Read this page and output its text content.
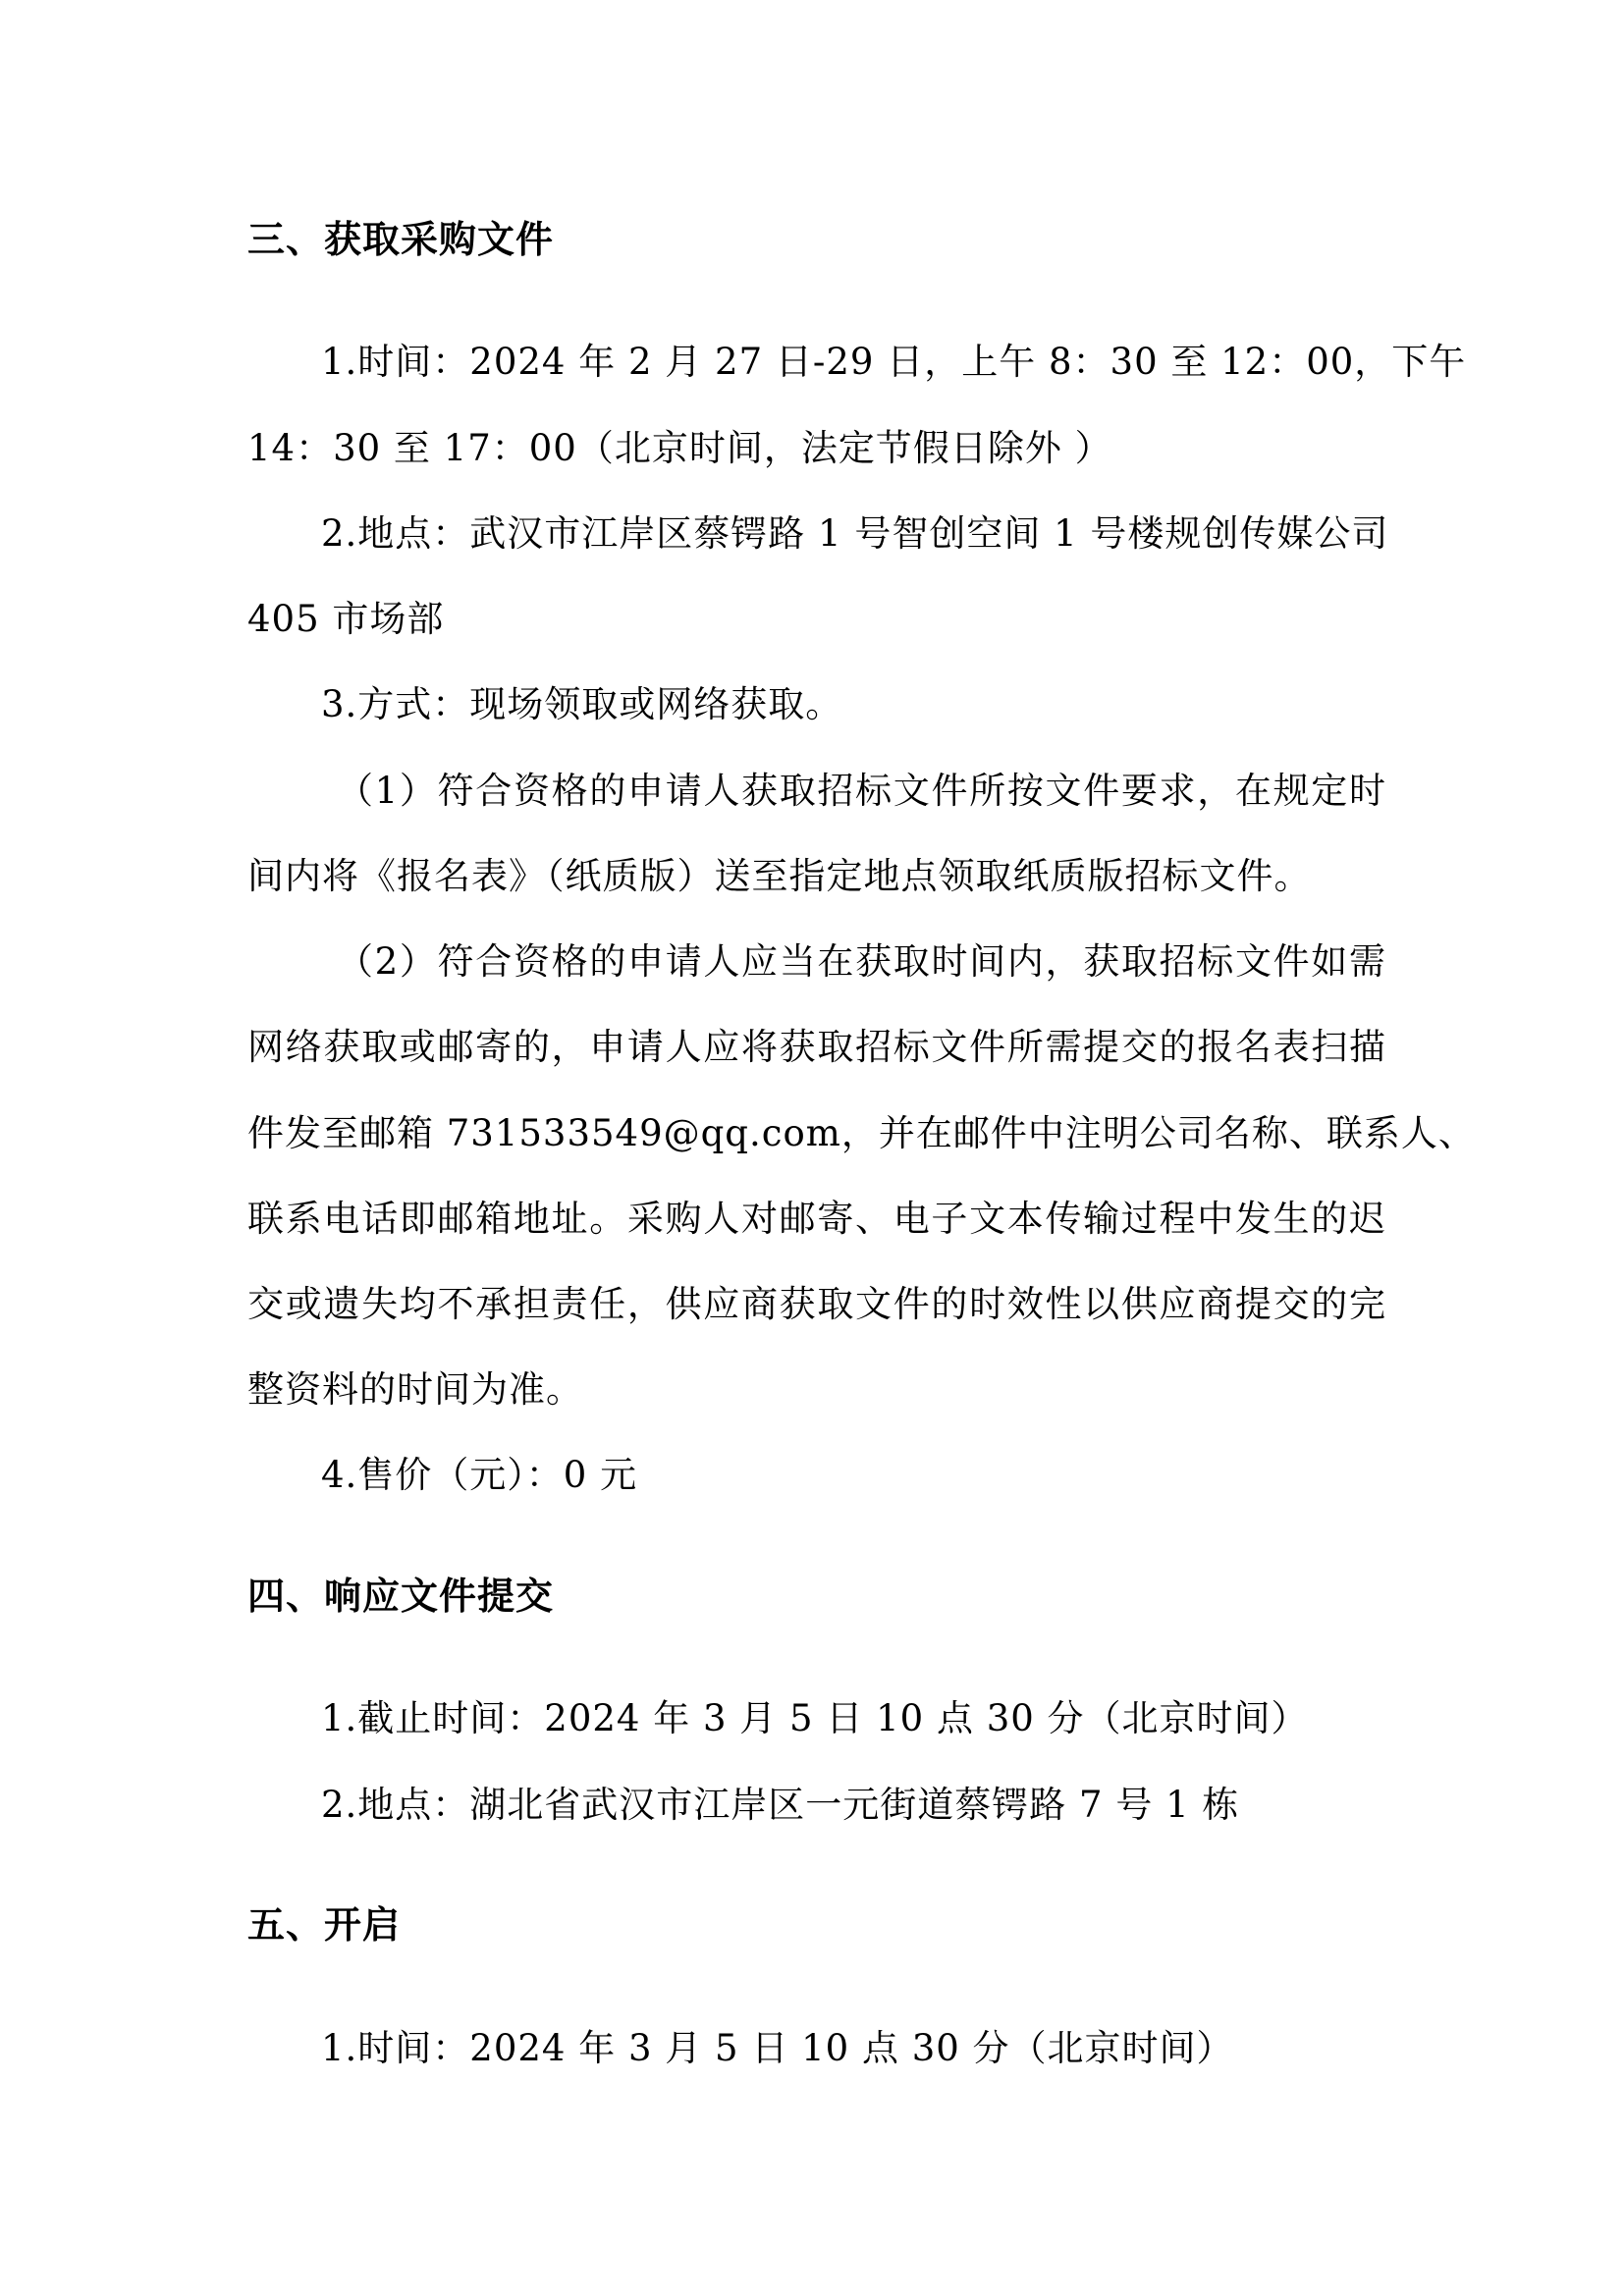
三、获取采购文件
1.时间：2024 年 2 月 27 日-29 日，上午 8：30 至 12：00，下午
14：30 至 17：00（北京时间，法定节假日除外 ）
2.地点：武汉市江岸区蔡锷路 1 号智创空间 1 号楼规创传媒公司
405 市场部
3.方式：现场领取或网络获取。
（1）符合资格的申请人获取招标文件所按文件要求，在规定时
间内将《报名表》（纸质版）送至指定地点领取纸质版招标文件。
（2）符合资格的申请人应当在获取时间内，获取招标文件如需
网络获取或邮寄的，申请人应将获取招标文件所需提交的报名表扫描
件发至邮箱 731533549@qq.com，并在邮件中注明公司名称、联系人、
联系电话即邮箱地址。采购人对邮寄、电子文本传输过程中发生的迟
交或遗失均不承担责任，供应商获取文件的时效性以供应商提交的完
整资料的时间为准。
4.售价（元）：0 元
四、响应文件提交
1.截止时间：2024 年 3 月 5 日 10 点 30 分（北京时间）
2.地点：湖北省武汉市江岸区一元街道蔡锷路 7 号 1 栋
五、开启
1.时间：2024 年 3 月 5 日 10 点 30 分（北京时间）
